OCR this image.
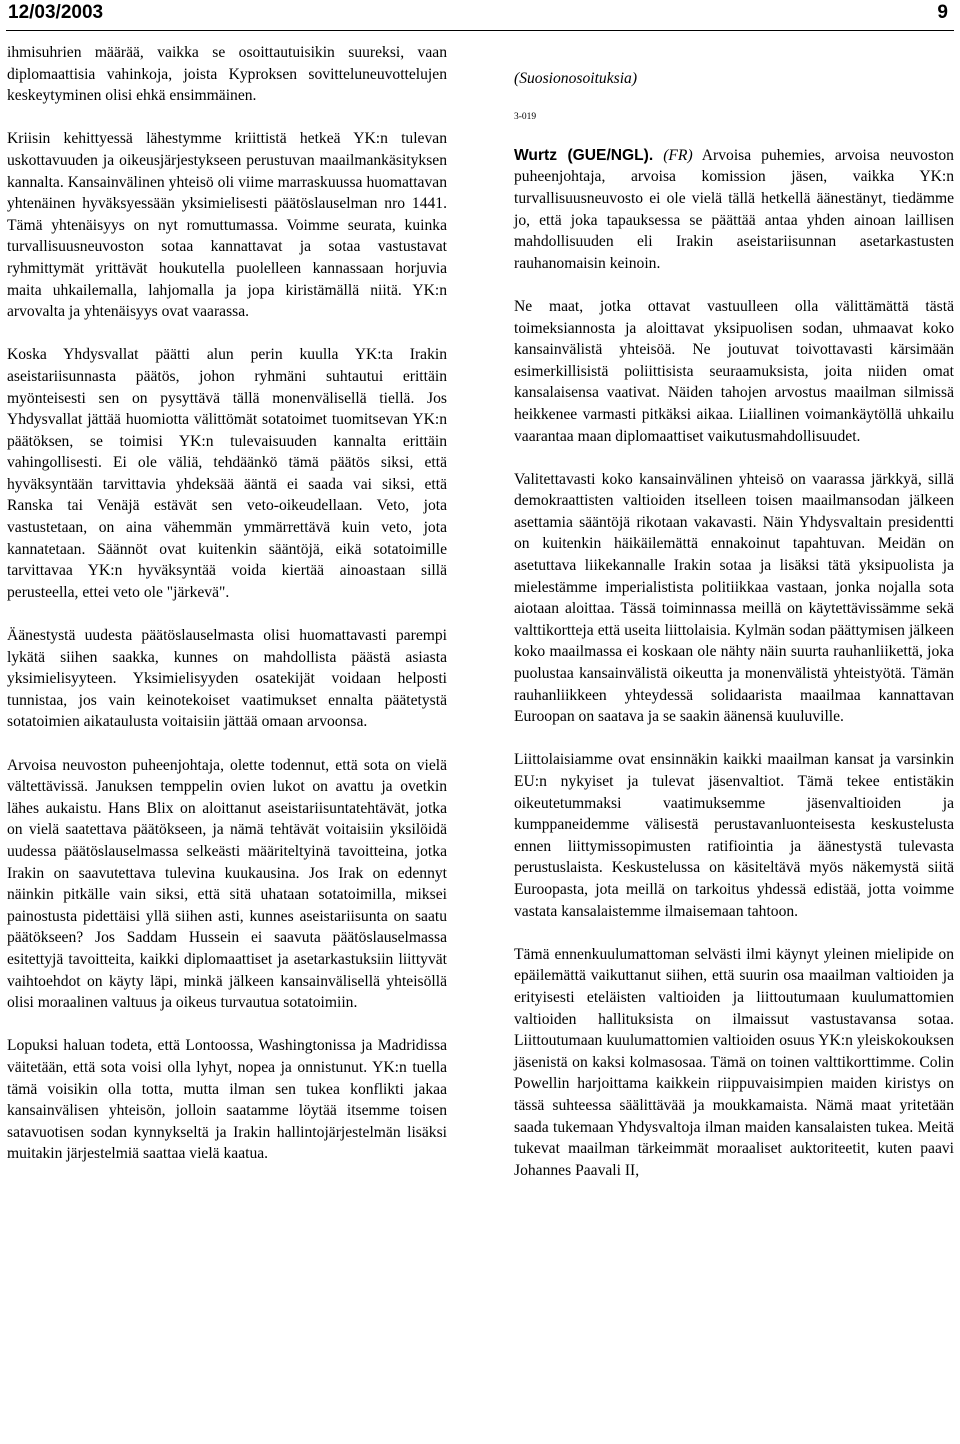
12/03/2003	9

ihmisuhrien määrää, vaikka se osoittautuisikin suureksi, vaan diplomaattisia vahinkoja, joista Kyproksen sovitteluneuvottelujen keskeytyminen olisi ehkä ensimmäinen.

Kriisin kehittyessä lähestymme kriittistä hetkeä YK:n tulevan uskottavuuden ja oikeusjärjestykseen perustuvan maailmankäsityksen kannalta. Kansainvälinen yhteisö oli viime marraskuussa huomattavan yhtenäinen hyväksyessään yksimielisesti päätöslauselman nro 1441. Tämä yhtenäisyys on nyt romuttumassa. Voimme seurata, kuinka turvallisuusneuvoston sotaa kannattavat ja sotaa vastustavat ryhmittymät yrittävät houkutella puolelleen kannassaan horjuvia maita uhkailemalla, lahjomalla ja jopa kiristämällä niitä. YK:n arvovalta ja yhtenäisyys ovat vaarassa.

Koska Yhdysvallat päätti alun perin kuulla YK:ta Irakin aseistariisunnasta päätös, johon ryhmäni suhtautui erittäin myönteisesti sen on pysyttävä tällä monenvälisellä tiellä. Jos Yhdysvallat jättää huomiotta välittömät sotatoimet tuomitsevan YK:n päätöksen, se toimisi YK:n tulevaisuuden kannalta erittäin vahingollisesti. Ei ole väliä, tehdäänkö tämä päätös siksi, että hyväksyntään tarvittavia yhdeksää ääntä ei saada vai siksi, että Ranska tai Venäjä estävät sen veto-oikeudellaan. Veto, jota vastustetaan, on aina vähemmän ymmärrettävä kuin veto, jota kannatetaan. Säännöt ovat kuitenkin sääntöjä, eikä sotatoimille tarvittavaa YK:n hyväksyntää voida kiertää ainoastaan sillä perusteella, ettei veto ole "järkevä".

Äänestystä uudesta päätöslauselmasta olisi huomattavasti parempi lykätä siihen saakka, kunnes on mahdollista päästä asiasta yksimielisyyteen. Yksimielisyyden osatekijät voidaan helposti tunnistaa, jos vain keinotekoiset vaatimukset ennalta päätetystä sotatoimien aikataulusta voitaisiin jättää omaan arvoonsa.

Arvoisa neuvoston puheenjohtaja, olette todennut, että sota on vielä vältettävissä. Januksen temppelin ovien lukot on avattu ja ovetkin lähes aukaistu. Hans Blix on aloittanut aseistariisuntatehtävät, jotka on vielä saatettava päätökseen, ja nämä tehtävät voitaisiin yksilöidä uudessa päätöslauselmassa selkeästi määriteltyinä tavoitteina, jotka Irakin on saavutettava tulevina kuukausina. Jos Irak on edennyt näinkin pitkälle vain siksi, että sitä uhataan sotatoimilla, miksei painostusta pidettäisi yllä siihen asti, kunnes aseistariisunta on saatu päätökseen? Jos Saddam Hussein ei saavuta päätöslauselmassa esitettyjä tavoitteita, kaikki diplomaattiset ja asetarkastuksiin liittyvät vaihtoehdot on käyty läpi, minkä jälkeen kansainvälisellä yhteisöllä olisi moraalinen valtuus ja oikeus turvautua sotatoimiin.

Lopuksi haluan todeta, että Lontoossa, Washingtonissa ja Madridissa väitetään, että sota voisi olla lyhyt, nopea ja onnistunut. YK:n tuella tämä voisikin olla totta, mutta ilman sen tukea konflikti jakaa kansainvälisen yhteisön, jolloin saatamme löytää itsemme toisen satavuotisen sodan kynnykseltä ja Irakin hallintojärjestelmän lisäksi muitakin järjestelmiä saattaa vielä kaatua.

(Suosionosoituksia)

3-019

Wurtz (GUE/NGL). (FR) Arvoisa puhemies, arvoisa neuvoston puheenjohtaja, arvoisa komission jäsen, vaikka YK:n turvallisuusneuvosto ei ole vielä tällä hetkellä äänestänyt, tiedämme jo, että joka tapauksessa se päättää antaa yhden ainoan laillisen mahdollisuuden eli Irakin aseistariisunnan asetarkastusten rauhanomaisin keinoin.

Ne maat, jotka ottavat vastuulleen olla välittämättä tästä toimeksiannosta ja aloittavat yksipuolisen sodan, uhmaavat koko kansainvälistä yhteisöä. Ne joutuvat toivottavasti kärsimään esimerkillisistä poliittisista seuraamuksista, joita niiden omat kansalaisensa vaativat. Näiden tahojen arvostus maailman silmissä heikkenee varmasti pitkäksi aikaa. Liiallinen voimankäytöllä uhkailu vaarantaa maan diplomaattiset vaikutusmahdollisuudet.

Valitettavasti koko kansainvälinen yhteisö on vaarassa järkkyä, sillä demokraattisten valtioiden itselleen toisen maailmansodan jälkeen asettamia sääntöjä rikotaan vakavasti. Näin Yhdysvaltain presidentti on kuitenkin häikäilemättä ennakoinut tapahtuvan. Meidän on asetuttava liikekannalle Irakin sotaa ja lisäksi tätä yksipuolista ja mielestämme imperialistista politiikkaa vastaan, jonka nojalla sota aiotaan aloittaa. Tässä toiminnassa meillä on käytettävissämme sekä valttikortteja että useita liittolaisia. Kylmän sodan päättymisen jälkeen koko maailmassa ei koskaan ole nähty näin suurta rauhanliikettä, joka puolustaa kansainvälistä oikeutta ja monenvälistä yhteistyötä. Tämän rauhanliikkeen yhteydessä solidaarista maailmaa kannattavan Euroopan on saatava ja se saakin äänensä kuuluville.

Liittolaisiamme ovat ensinnäkin kaikki maailman kansat ja varsinkin EU:n nykyiset ja tulevat jäsenvaltiot. Tämä tekee entistäkin oikeutetummaksi vaatimuksemme jäsenvaltioiden ja kumppaneidemme välisestä perustavanluonteisesta keskustelusta ennen liittymissopimusten ratifiointia ja äänestystä tulevasta perustuslaista. Keskustelussa on käsiteltävä myös näkemystä siitä Euroopasta, jota meillä on tarkoitus yhdessä edistää, jotta voimme vastata kansalaistemme ilmaisemaan tahtoon.

Tämä ennenkuulumattoman selvästi ilmi käynyt yleinen mielipide on epäilemättä vaikuttanut siihen, että suurin osa maailman valtioiden ja erityisesti eteläisten valtioiden ja liittoutumaan kuulumattomien valtioiden hallituksista on ilmaissut vastustavansa sotaa. Liittoutumaan kuulumattomien valtioiden osuus YK:n yleiskokouksen jäsenistä on kaksi kolmasosaa. Tämä on toinen valttikorttimme. Colin Powellin harjoittama kaikkein riippuvaisimpien maiden kiristys on tässä suhteessa säälittävää ja moukkamaista. Nämä maat yritetään saada tukemaan Yhdysvaltoja ilman maiden kansalaisten tukea. Meitä tukevat maailman tärkeimmät moraaliset auktoriteetit, kuten paavi Johannes Paavali II,
